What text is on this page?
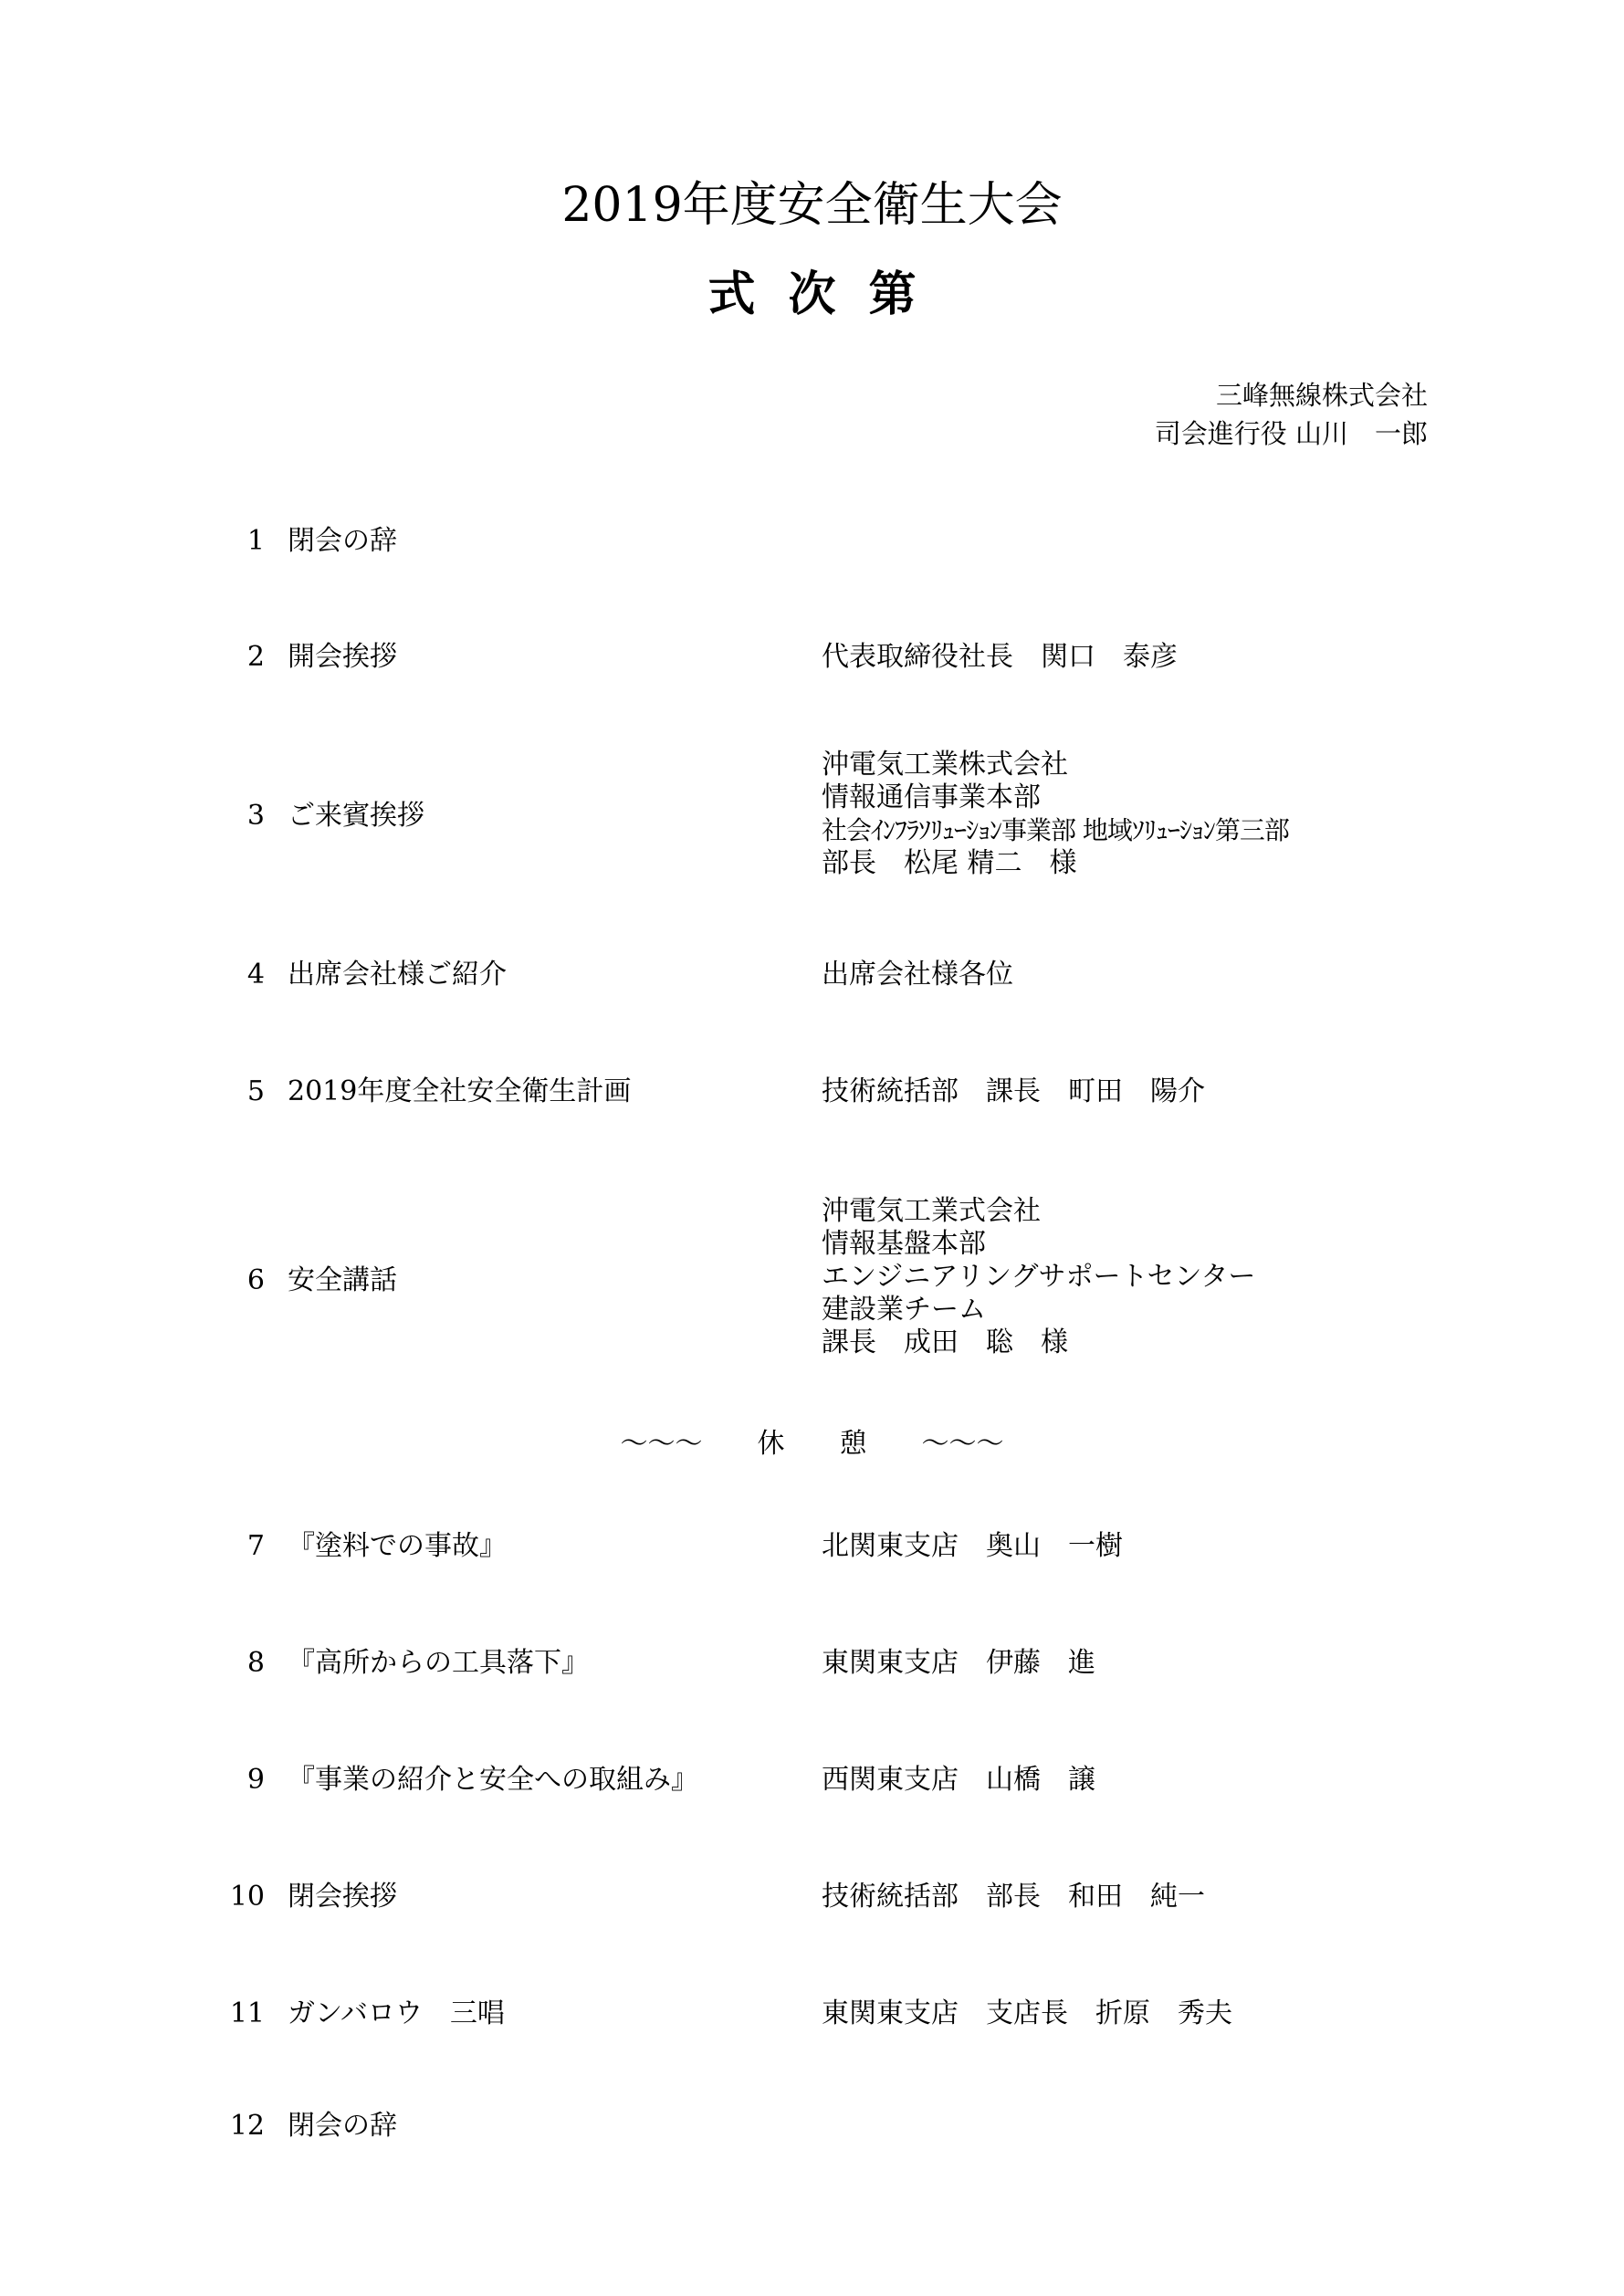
2019年度安全衛生大会
式次第
三峰無線株式会社
司会進行役 山川　一郎
1 閉会の辞
2 開会挨拶	代表取締役社長　関口　泰彦
3 ご来賓挨拶
沖電気工業株式会社
情報通信事業本部
社会ｲﾝﾌﾗｿﾘｭｰｼｮﾝ事業部 地域ｿﾘｭｰｼｮﾝ第三部
部長　松尾 精二　様
4 出席会社様ご紹介	出席会社様各位
5 2019年度全社安全衛生計画	技術統括部　課長　町田　陽介
6 安全講話
沖電気工業式会社
情報基盤本部
エンジニアリングサポートセンター
建設業チーム
課長　成田　聡　様
～～～　　休　　憩　　～～～
7 『塗料での事故』	北関東支店　奥山　一樹
8 『高所からの工具落下』	東関東支店　伊藤　進
9 『事業の紹介と安全への取組み』	西関東支店　山橋　譲
10 閉会挨拶	技術統括部　部長　和田　純一
11 ガンバロウ　三唱	東関東支店　支店長　折原　秀夫
12 閉会の辞
